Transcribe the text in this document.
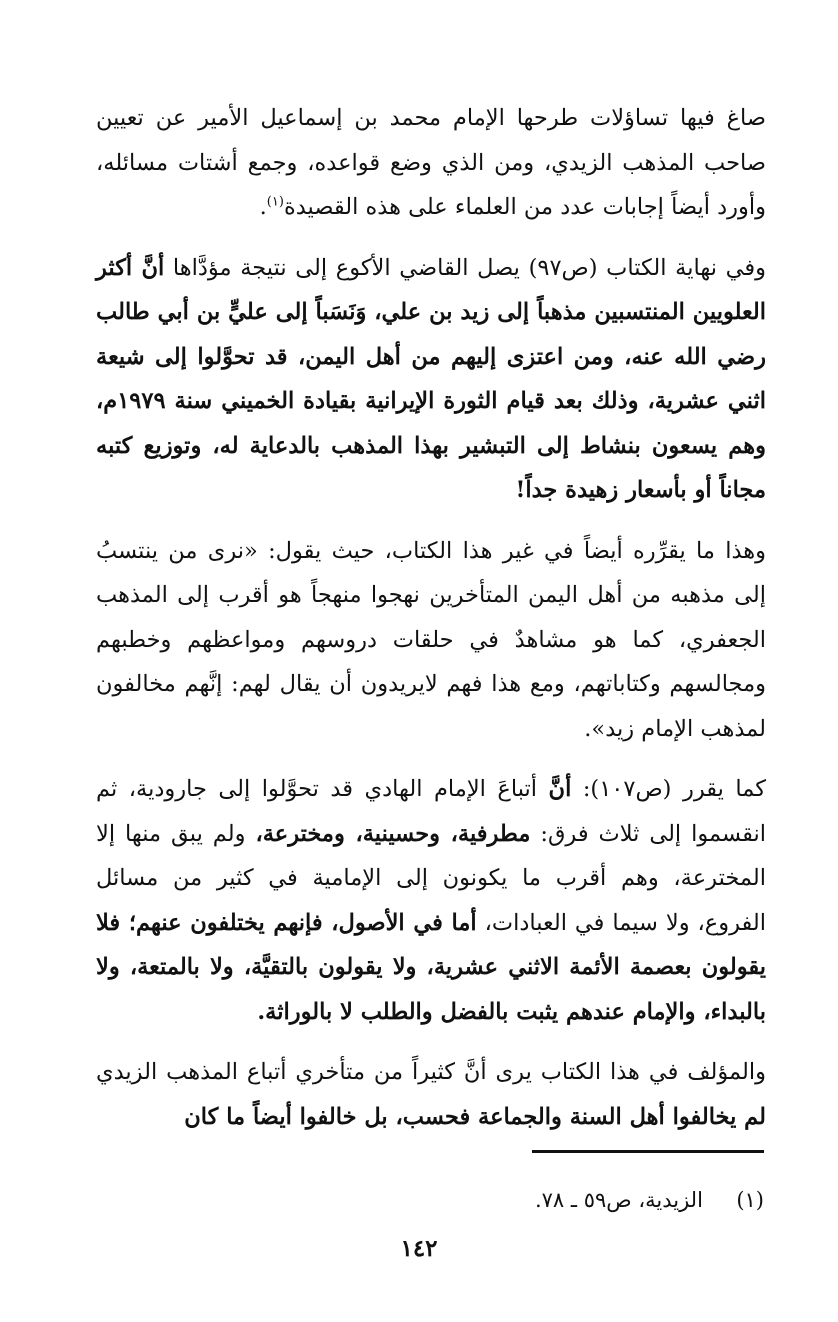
صاغ فيها تساؤلات طرحها الإمام محمد بن إسماعيل الأمير عن تعيين صاحب المذهب الزيدي، ومن الذي وضع قواعده، وجمع أشتات مسائله، وأورد أيضاً إجابات عدد من العلماء على هذه القصيدة$^{(١)}$.

وفي نهاية الكتاب (ص٩٧) يصل القاضي الأكوع إلى نتيجة مؤدَّاها أنَّ أكثر العلويين المنتسبين مذهباً إلى زيد بن علي، وَنَسَباً إلى عليٍّ بن أبي طالب رضي الله عنه، ومن اعتزى إليهم من أهل اليمن، قد تحوَّلوا إلى شيعة اثني عشرية، وذلك بعد قيام الثورة الإيرانية بقيادة الخميني سنة ١٩٧٩م، وهم يسعون بنشاط إلى التبشير بهذا المذهب بالدعاية له، وتوزيع كتبه مجاناً أو بأسعار زهيدة جداً!

وهذا ما يقرِّره أيضاً في غير هذا الكتاب، حيث يقول: «نرى من ينتسبُ إلى مذهبه من أهل اليمن المتأخرين نهجوا منهجاً هو أقرب إلى المذهب الجعفري، كما هو مشاهدٌ في حلقات دروسهم ومواعظهم وخطبهم ومجالسهم وكتاباتهم، ومع هذا فهم لايريدون أن يقال لهم: إنَّهم مخالفون لمذهب الإمام زيد».

كما يقرر (ص١٠٧): أنَّ أتباعَ الإمام الهادي قد تحوَّلوا إلى جارودية، ثم انقسموا إلى ثلاث فرق: مطرفية، وحسينية، ومخترعة، ولم يبق منها إلا المخترعة، وهم أقرب ما يكونون إلى الإمامية في كثير من مسائل الفروع، ولا سيما في العبادات، أما في الأصول، فإنهم يختلفون عنهم؛ فلا يقولون بعصمة الأئمة الاثني عشرية، ولا يقولون بالتقيَّة، ولا بالمتعة، ولا بالبداء، والإمام عندهم يثبت بالفضل والطلب لا بالوراثة.

والمؤلف في هذا الكتاب يرى أنَّ كثيراً من متأخري أتباع المذهب الزيدي لم يخالفوا أهل السنة والجماعة فحسب، بل خالفوا أيضاً ما كان

(١)     الزيدية، ص٥٩ ـ ٧٨.
١٤٢
